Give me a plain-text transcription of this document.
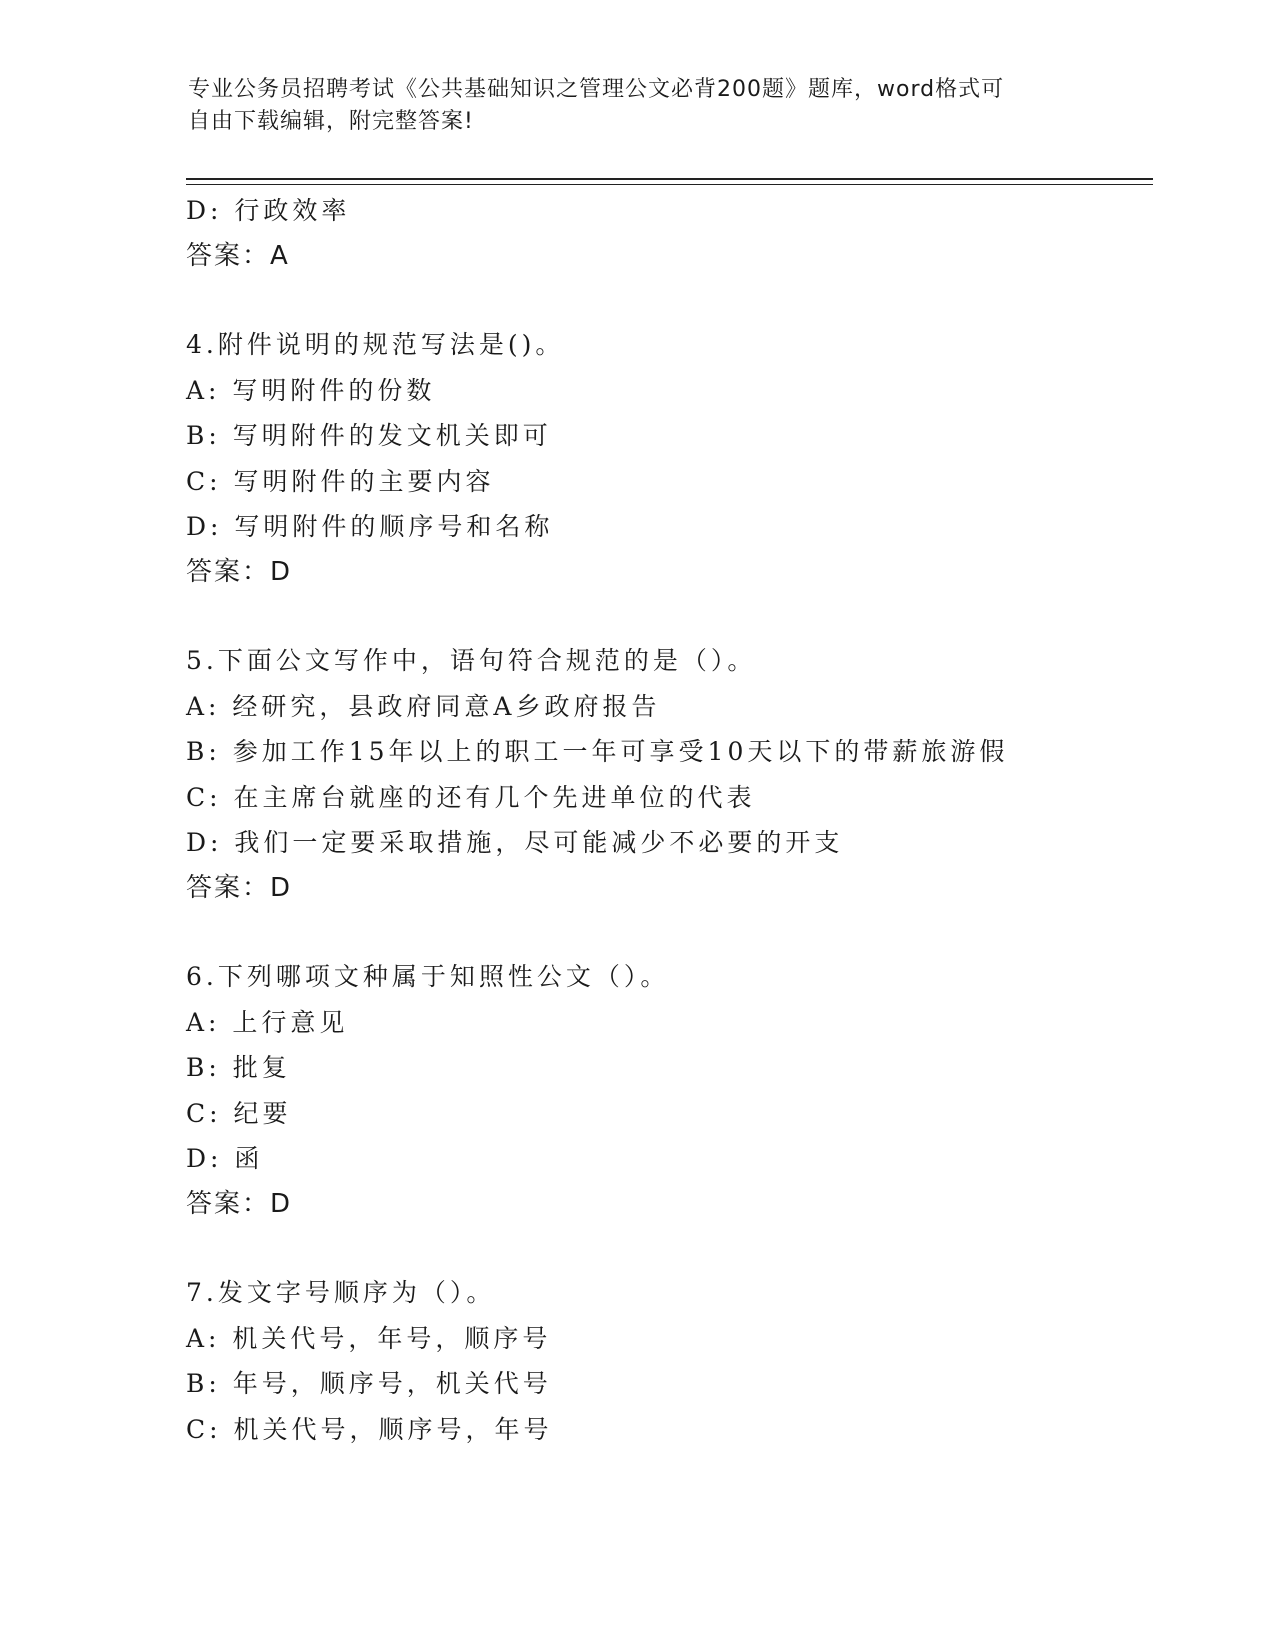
专业公务员招聘考试《公共基础知识之管理公文必背200题》题库，word格式可
自由下载编辑，附完整答案!
D: 行政效率
答案：A
4.附件说明的规范写法是()。
A: 写明附件的份数
B: 写明附件的发文机关即可
C: 写明附件的主要内容
D: 写明附件的顺序号和名称
答案：D
5.下面公文写作中，语句符合规范的是（）。
A: 经研究，县政府同意A乡政府报告
B: 参加工作15年以上的职工一年可享受10天以下的带薪旅游假
C: 在主席台就座的还有几个先进单位的代表
D: 我们一定要采取措施，尽可能减少不必要的开支
答案：D
6.下列哪项文种属于知照性公文（）。
A: 上行意见
B: 批复
C: 纪要
D: 函
答案：D
7.发文字号顺序为（）。
A: 机关代号，年号，顺序号
B: 年号，顺序号，机关代号
C: 机关代号，顺序号，年号
